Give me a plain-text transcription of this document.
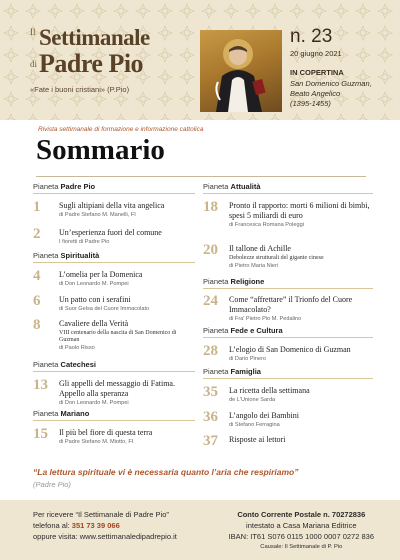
Il Settimanale
di Padre Pio
«Fate i buoni cristiani» (P.Pio)
n. 23
20 giugno 2021
IN COPERTINA
San Domenico Guzman,
Beato Angelico
(1395-1455)
Rivista settimanale di formazione e informazione cattolica
Sommario
Pianeta Padre Pio
1	Sugli altipiani della vita angelica
di Padre Stefano M. Manelli, FI
2	Un’esperienza fuori del comune
I fioretti di Padre Pio
Pianeta Spiritualità
4	L’omelia per la Domenica
di Don Leonardo M. Pompei
6	Un patto con i serafini
di Suor Gelsa del Cuore Immacolato
8	Cavaliere della Verità
VIII centenario della nascita di San Domenico di Guzman
di Paolo Risso
Pianeta Catechesi
13	Gli appelli del messaggio di Fatima. Appello alla speranza
di Don Leonardo M. Pompei
Pianeta Mariano
15	Il più bel fiore di questa terra
di Padre Stefano M. Miotto, FI
Pianeta Attualità
18	Pronto il rapporto: morti 6 milioni di bimbi, spesi 5 miliardi di euro
di Francesca Romana Poleggi
20	Il tallone di Achille
Debolezze strutturali del gigante cinese
di Pietro Maria Nieri
Pianeta Religione
24	Come “affrettare” il Trionfo del Cuore Immacolato?
di Fra' Pietro Pio M. Pedalino
Pianeta Fede e Cultura
28	L’elogio di San Domenico di Guzman
di Dario Pinero
Pianeta Famiglia
35	La ricetta della settimana
de L'Unione Sarda
36	L’angolo dei Bambini
di Stefano Ferragina
37	Risposte ai lettori
“La lettura spirituale vi è necessaria quanto l’aria che respiriamo”
(Padre Pio)
Per ricevere “Il Settimanale di Padre Pio”
telefona al: 351 73 39 066
oppure visita: www.settimanaledipadrepio.it
Conto Corrente Postale n. 70272836
intestato a Casa Mariana Editrice
IBAN: IT61 S076 0115 1000 0007 0272 836
Causale: Il Settimanale di P. Pio
